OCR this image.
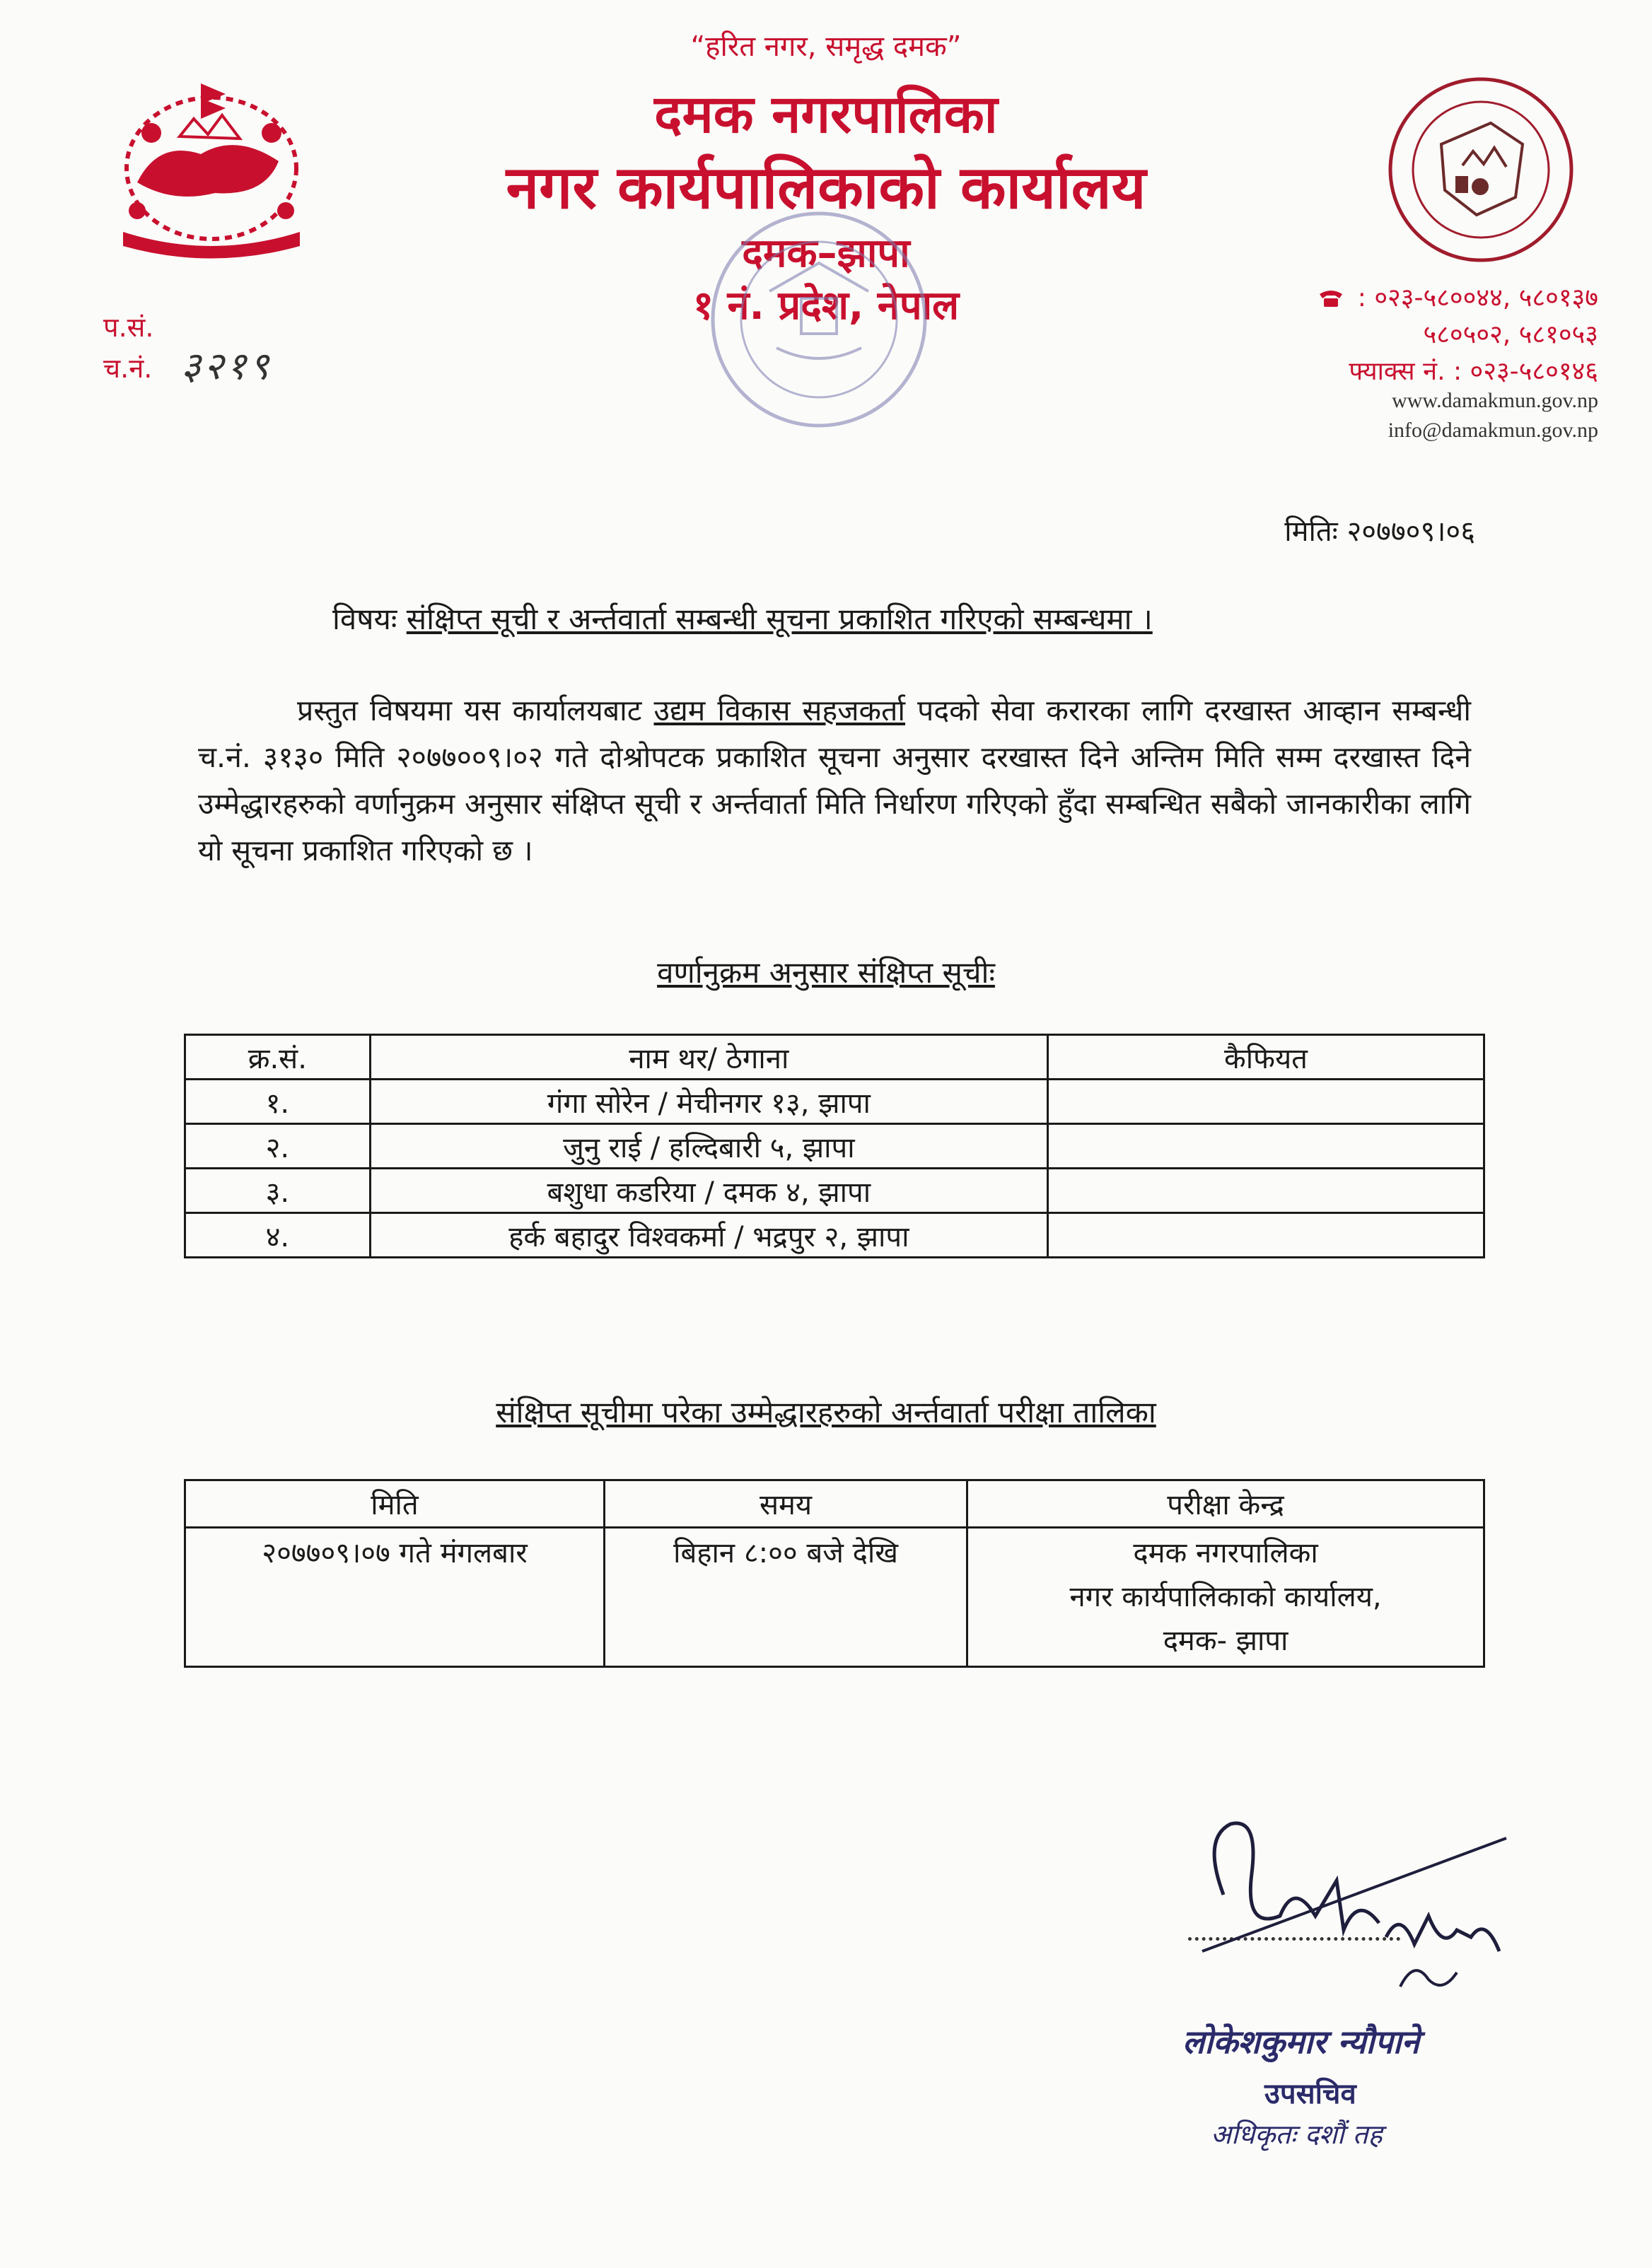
“हरित नगर, समृद्ध दमक”
दमक नगरपालिका
नगर कार्यपालिकाको कार्यालय
दमक–झापा
१ नं. प्रदेश, नेपाल
प.सं.
च.नं. ३२१९
: ०२३-५८००४४, ५८०१३७
५८०५०२, ५८१०५३
फ्याक्स नं. : ०२३-५८०१४६
www.damakmun.gov.np
info@damakmun.gov.np
मितिः २०७७०९।०६
विषयः संक्षिप्त सूची र अर्न्तवार्ता सम्बन्धी सूचना प्रकाशित गरिएको सम्बन्धमा ।
प्रस्तुत विषयमा यस कार्यालयबाट उद्यम विकास सहजकर्ता पदको सेवा करारका लागि दरखास्त आव्हान सम्बन्धी च.नं. ३१३० मिति २०७७००९।०२ गते दोश्रोपटक प्रकाशित सूचना अनुसार दरखास्त दिने अन्तिम मिति सम्म दरखास्त दिने उम्मेद्धारहरुको वर्णानुक्रम अनुसार संक्षिप्त सूची र अर्न्तवार्ता मिति निर्धारण गरिएको हुँदा सम्बन्धित सबैको जानकारीका लागि यो सूचना प्रकाशित गरिएको छ ।
वर्णानुक्रम अनुसार संक्षिप्त सूचीः
क्र.सं.	नाम थर/ ठेगाना	कैफियत
१.	गंगा सोरेन / मेचीनगर १३, झापा	
२.	जुनु राई / हल्दिबारी ५, झापा	
३.	बशुधा कडरिया / दमक ४, झापा	
४.	हर्क बहादुर विश्वकर्मा / भद्रपुर २, झापा	
संक्षिप्त सूचीमा परेका उम्मेद्धारहरुको अर्न्तवार्ता परीक्षा तालिका
मिति	समय	परीक्षा केन्द्र
२०७७०९।०७ गते मंगलबार	बिहान ८:०० बजे देखि	दमक नगरपालिका
नगर कार्यपालिकाको कार्यालय,
दमक- झापा
लोकेशकुमार न्यौपाने
उपसचिव
अधिकृतः दशौं तह
